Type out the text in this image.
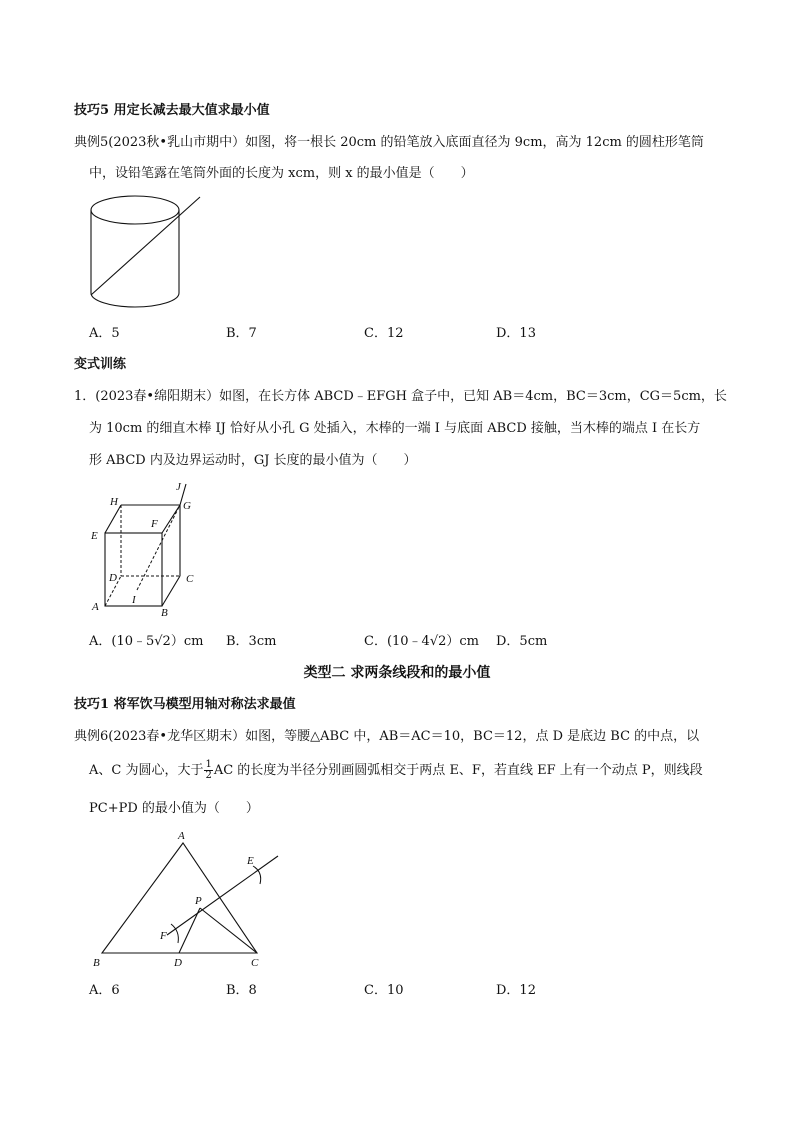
技巧5 用定长减去最大值求最小值
典例5(2023秋•乳山市期中）如图，将一根长 20cm 的铅笔放入底面直径为 9cm，高为 12cm 的圆柱形笔筒
中，设铅笔露在笔筒外面的长度为 xcm，则 x 的最小值是（　　）
A．5	B．7	C．12	D．13
变式训练
1．(2023春•绵阳期末）如图，在长方体 ABCD﹣EFGH 盒子中，已知 AB＝4cm，BC＝3cm，CG＝5cm，长
为 10cm 的细直木棒 IJ 恰好从小孔 G 处插入，木棒的一端 I 与底面 ABCD 接触，当木棒的端点 I 在长方
形 ABCD 内及边界运动时，GJ 长度的最小值为（　　）
H
J
G
E
F
D	C
A
I
B
A．(10﹣5√2）cm B．3cm	C．(10﹣4√2）cm D．5cm
类型二 求两条线段和的最小值
技巧1 将军饮马模型用轴对称法求最值
典例6(2023春•龙华区期末）如图，等腰△ABC 中，AB＝AC＝10，BC＝12，点 D 是底边 BC 的中点，以
A、C 为圆心，大于 $\frac{1}{2}$ AC 的长度为半径分别画圆弧相交于两点 E、F，若直线 EF 上有一个动点 P，则线段
PC+PD 的最小值为（　　）
A
E
P
F
B	D	C
A．6	B．8	C．10	D．12
